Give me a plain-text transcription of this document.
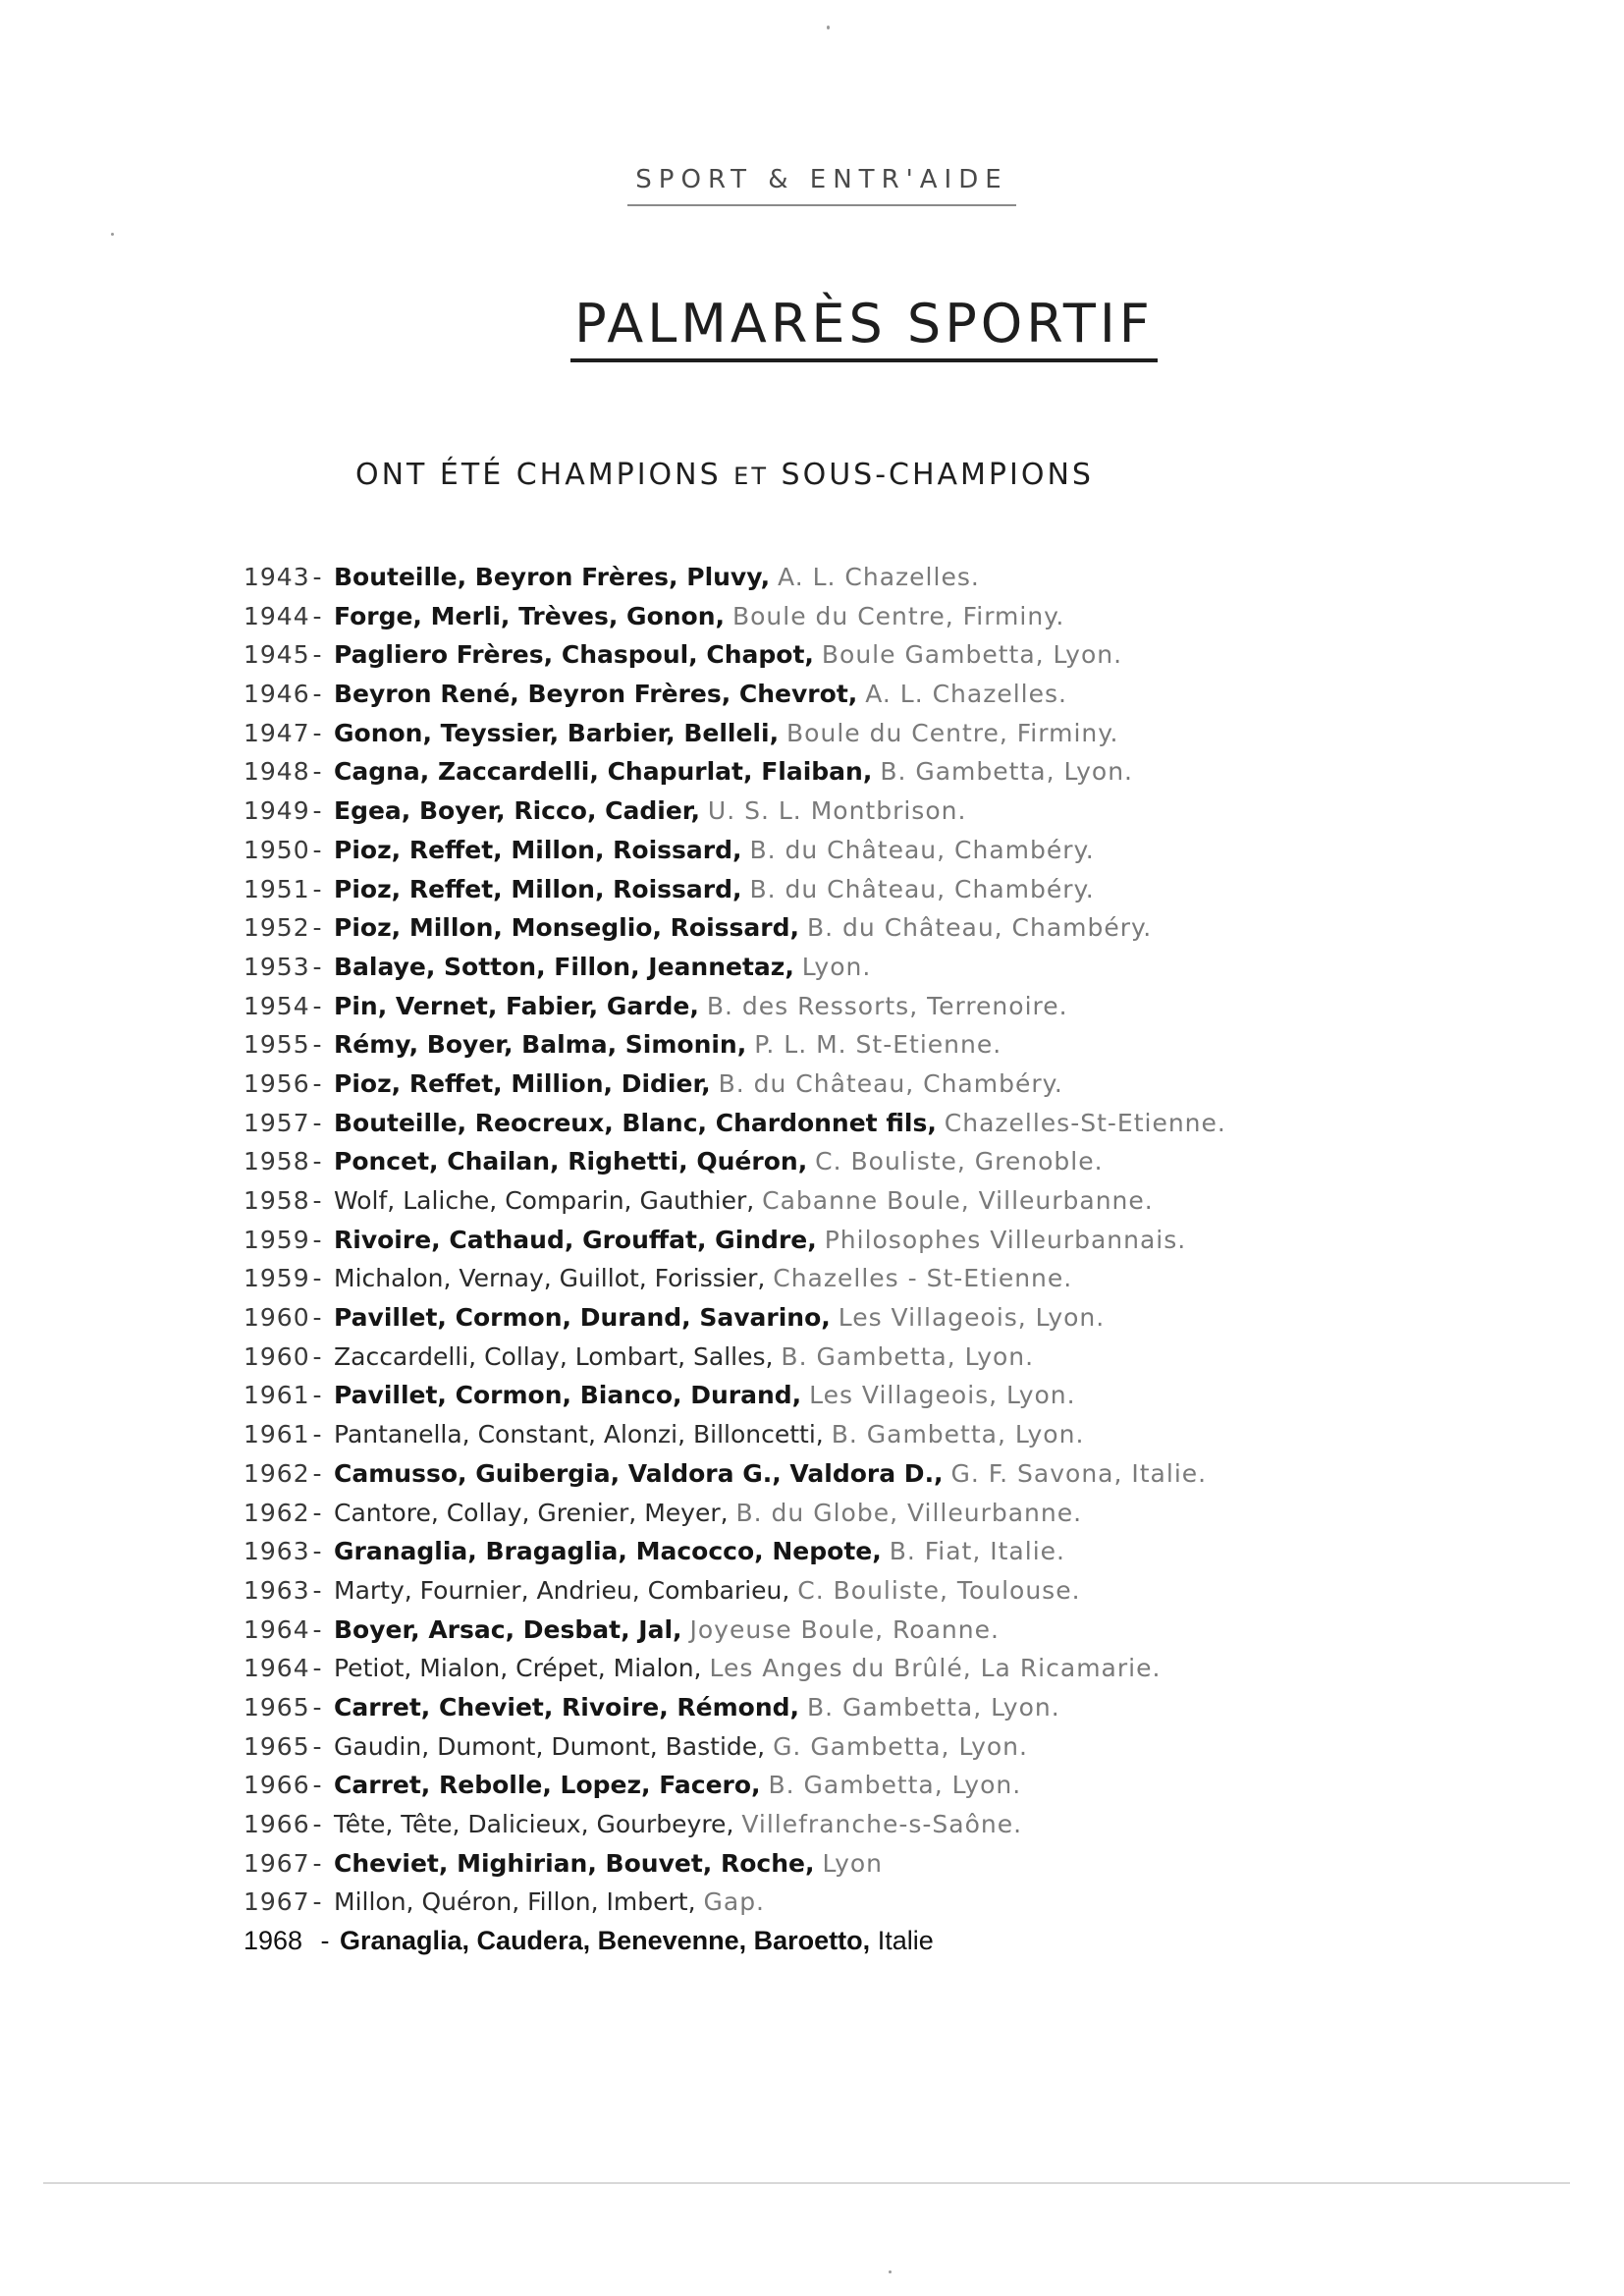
SPORT & ENTR'AIDE
PALMARÈS SPORTIF
ONT ÉTÉ CHAMPIONS ET SOUS-CHAMPIONS
1943 - Bouteille, Beyron Frères, Pluvy, A. L. Chazelles.
1944 - Forge, Merli, Trèves, Gonon, Boule du Centre, Firminy.
1945 - Pagliero Frères, Chaspoul, Chapot, Boule Gambetta, Lyon.
1946 - Beyron René, Beyron Frères, Chevrot, A. L. Chazelles.
1947 - Gonon, Teyssier, Barbier, Belleli, Boule du Centre, Firminy.
1948 - Cagna, Zaccardelli, Chapurlat, Flaiban, B. Gambetta, Lyon.
1949 - Egea, Boyer, Ricco, Cadier, U. S. L. Montbrison.
1950 - Pioz, Reffet, Millon, Roissard, B. du Château, Chambéry.
1951 - Pioz, Reffet, Millon, Roissard, B. du Château, Chambéry.
1952 - Pioz, Millon, Monseglio, Roissard, B. du Château, Chambéry.
1953 - Balaye, Sotton, Fillon, Jeannetaz, Lyon.
1954 - Pin, Vernet, Fabier, Garde, B. des Ressorts, Terrenoire.
1955 - Rémy, Boyer, Balma, Simonin, P. L. M. St-Etienne.
1956 - Pioz, Reffet, Million, Didier, B. du Château, Chambéry.
1957 - Bouteille, Reocreux, Blanc, Chardonnet fils, Chazelles-St-Etienne.
1958 - Poncet, Chailan, Righetti, Quéron, C. Bouliste, Grenoble.
1958 - Wolf, Laliche, Comparin, Gauthier, Cabanne Boule, Villeurbanne.
1959 - Rivoire, Cathaud, Grouffat, Gindre, Philosophes Villeurbannais.
1959 - Michalon, Vernay, Guillot, Forissier, Chazelles - St-Etienne.
1960 - Pavillet, Cormon, Durand, Savarino, Les Villageois, Lyon.
1960 - Zaccardelli, Collay, Lombart, Salles, B. Gambetta, Lyon.
1961 - Pavillet, Cormon, Bianco, Durand, Les Villageois, Lyon.
1961 - Pantanella, Constant, Alonzi, Billoncetti, B. Gambetta, Lyon.
1962 - Camusso, Guibergia, Valdora G., Valdora D., G. F. Savona, Italie.
1962 - Cantore, Collay, Grenier, Meyer, B. du Globe, Villeurbanne.
1963 - Granaglia, Bragaglia, Macocco, Nepote, B. Fiat, Italie.
1963 - Marty, Fournier, Andrieu, Combarieu, C. Bouliste, Toulouse.
1964 - Boyer, Arsac, Desbat, Jal, Joyeuse Boule, Roanne.
1964 - Petiot, Mialon, Crépet, Mialon, Les Anges du Brûlé, La Ricamarie.
1965 - Carret, Cheviet, Rivoire, Rémond, B. Gambetta, Lyon.
1965 - Gaudin, Dumont, Dumont, Bastide, G. Gambetta, Lyon.
1966 - Carret, Rebolle, Lopez, Facero, B. Gambetta, Lyon.
1966 - Tête, Tête, Dalicieux, Gourbeyre, Villefranche-s-Saône.
1967 - Cheviet, Mighirian, Bouvet, Roche, Lyon
1967 - Millon, Quéron, Fillon, Imbert, Gap.
1968 - Granaglia, Caudera, Benevenne, Baroetto, Italie
